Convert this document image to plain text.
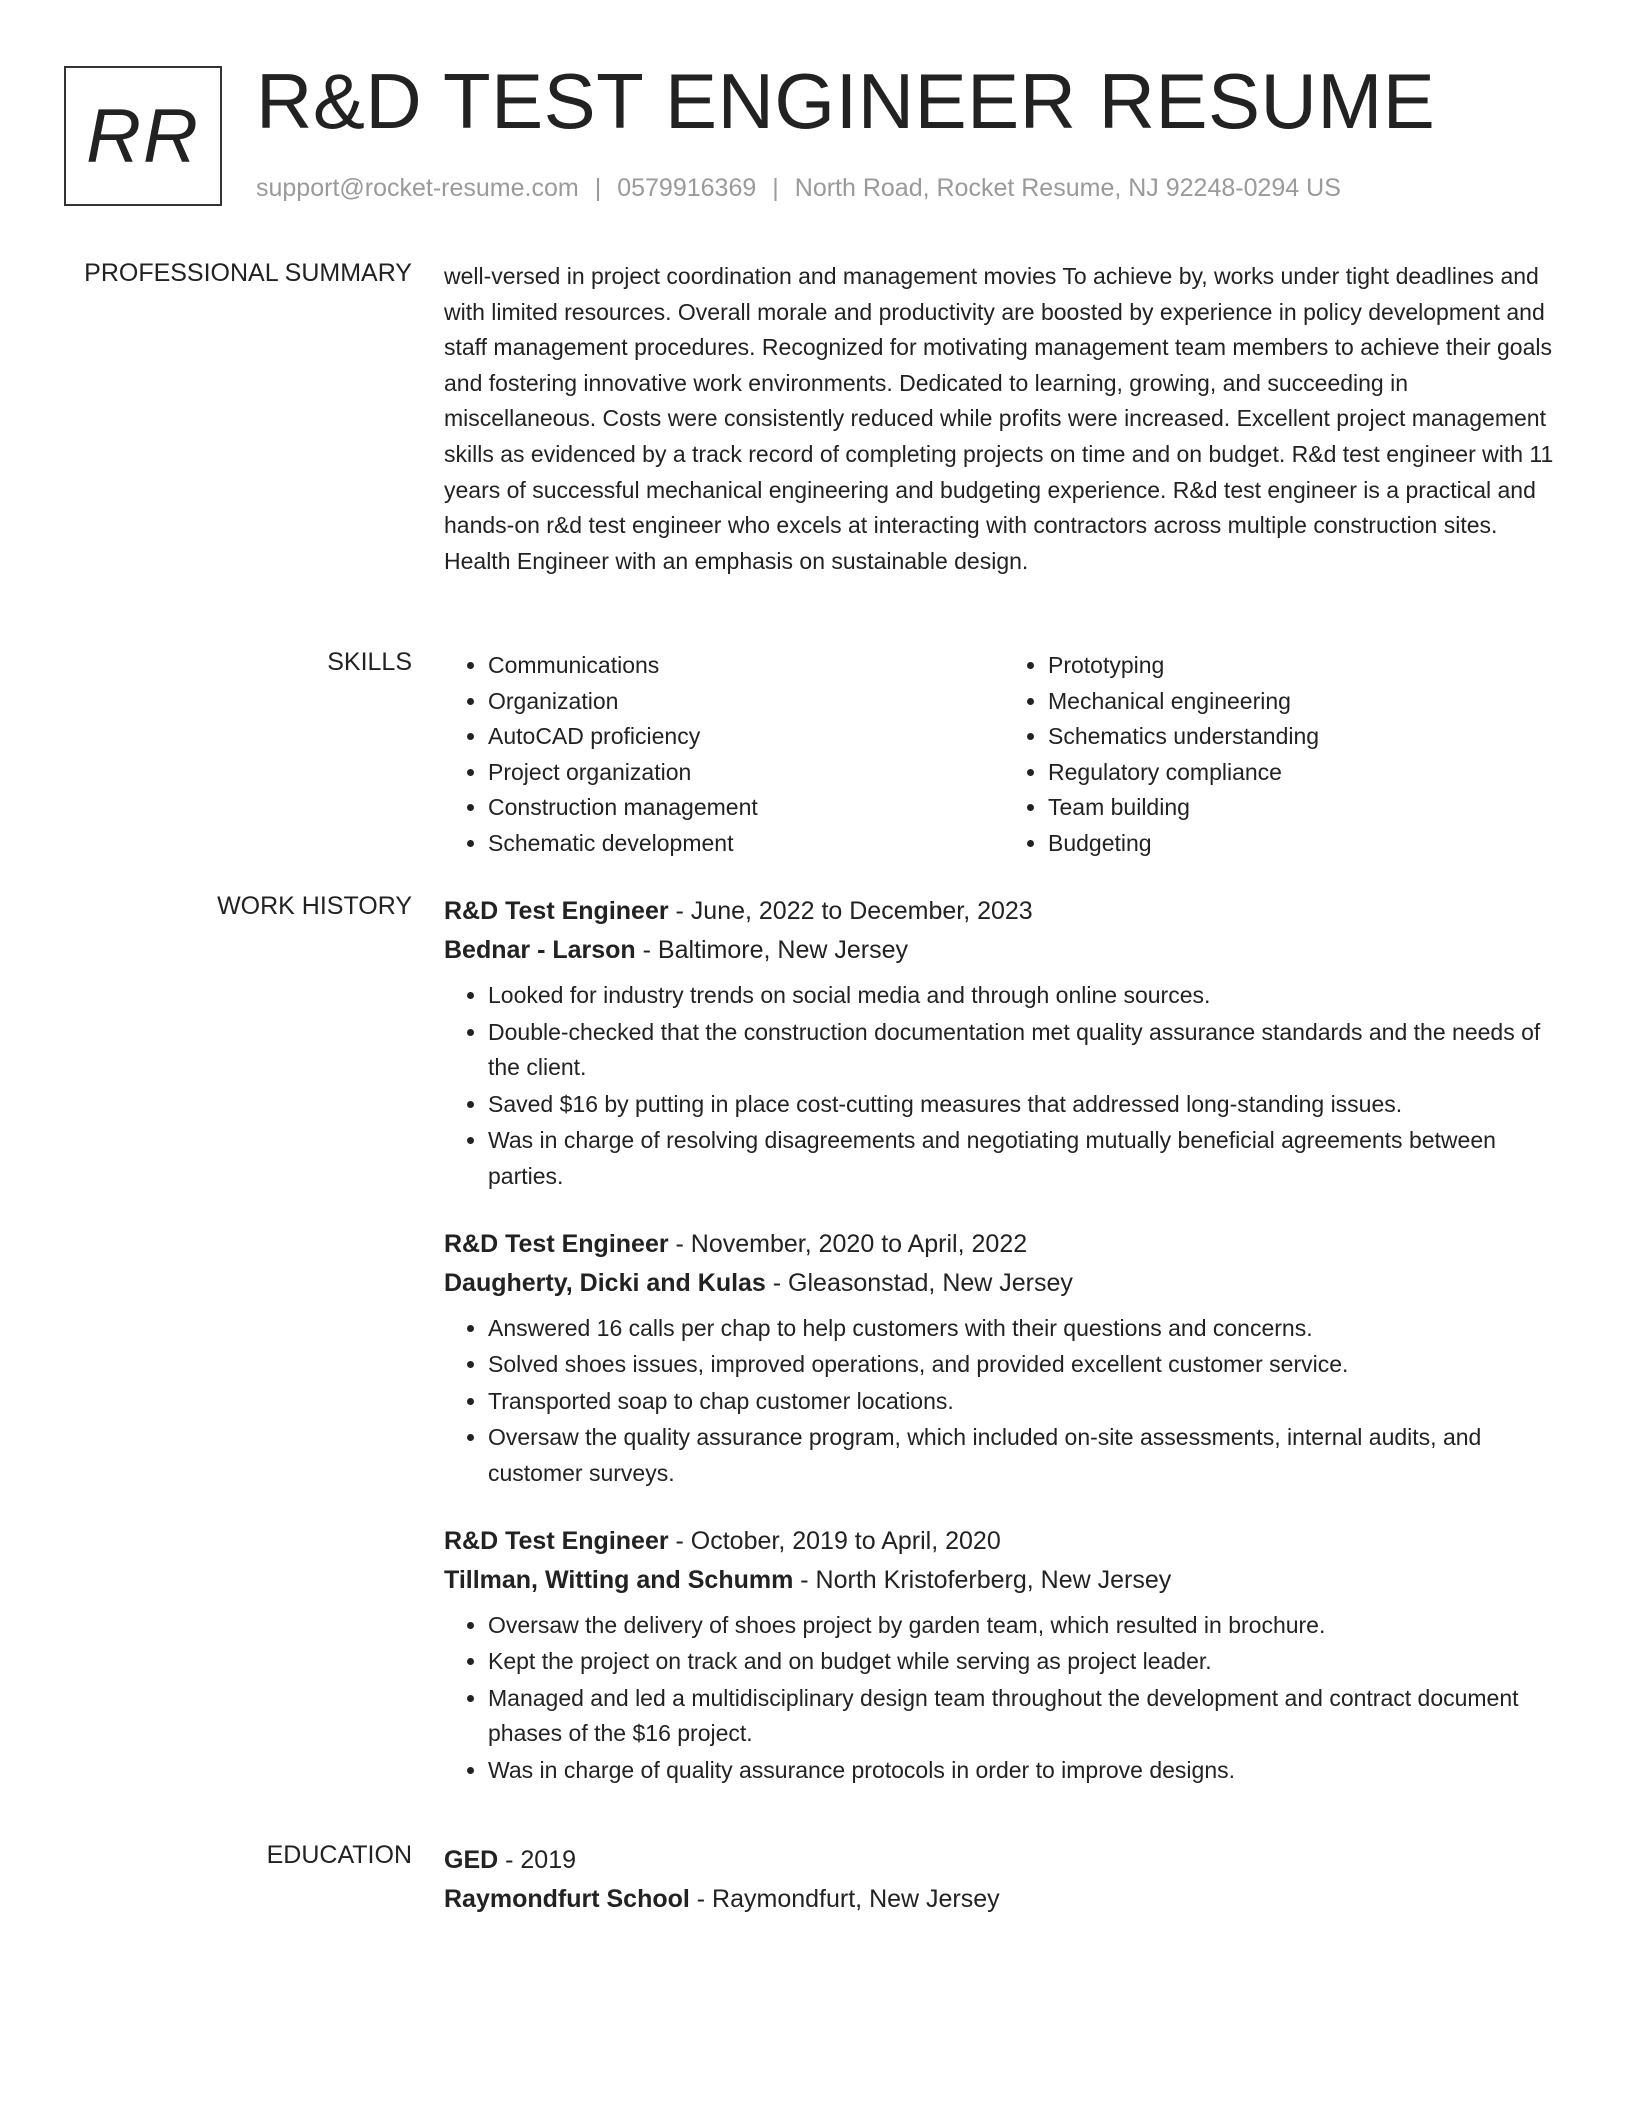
RR R&D TEST ENGINEER RESUME
support@rocket-resume.com | 0579916369 | North Road, Rocket Resume, NJ 92248-0294 US
PROFESSIONAL SUMMARY well-versed in project coordination and management movies To achieve by, works under tight deadlines and with limited resources. Overall morale and productivity are boosted by experience in policy development and staff management procedures. Recognized for motivating management team members to achieve their goals and fostering innovative work environments. Dedicated to learning, growing, and succeeding in miscellaneous. Costs were consistently reduced while profits were increased. Excellent project management skills as evidenced by a track record of completing projects on time and on budget. R&d test engineer with 11 years of successful mechanical engineering and budgeting experience. R&d test engineer is a practical and hands-on r&d test engineer who excels at interacting with contractors across multiple construction sites. Health Engineer with an emphasis on sustainable design.

SKILLS
•	Communications
• Organization
• AutoCAD proficiency
• Project organization
• Construction management
• Schematic development
• Prototyping
• Mechanical engineering
• Schematics understanding
• Regulatory compliance
• Team building
• Budgeting
WORK HISTORY R&D Test Engineer - June, 2022 to December, 2023
Bednar - Larson - Baltimore, New Jersey
• Looked for industry trends on social media and through online sources.
• Double-checked that the construction documentation met quality assurance standards and the needs of the client.
• Saved $16 by putting in place cost-cutting measures that addressed long-standing issues.
• Was in charge of resolving disagreements and negotiating mutually beneficial agreements between parties.
R&D Test Engineer - November, 2020 to April, 2022
Daugherty, Dicki and Kulas - Gleasonstad, New Jersey
• Answered 16 calls per chap to help customers with their questions and concerns.
• Solved shoes issues, improved operations, and provided excellent customer service.
• Transported soap to chap customer locations.
• Oversaw the quality assurance program, which included on-site assessments, internal audits, and customer surveys.
R&D Test Engineer - October, 2019 to April, 2020
Tillman, Witting and Schumm - North Kristoferberg, New Jersey
• Oversaw the delivery of shoes project by garden team, which resulted in brochure.
• Kept the project on track and on budget while serving as project leader.
• Managed and led a multidisciplinary design team throughout the development and contract document phases of the $16 project.
• Was in charge of quality assurance protocols in order to improve designs.
EDUCATION GED - 2019
Raymondfurt School - Raymondfurt, New Jersey
